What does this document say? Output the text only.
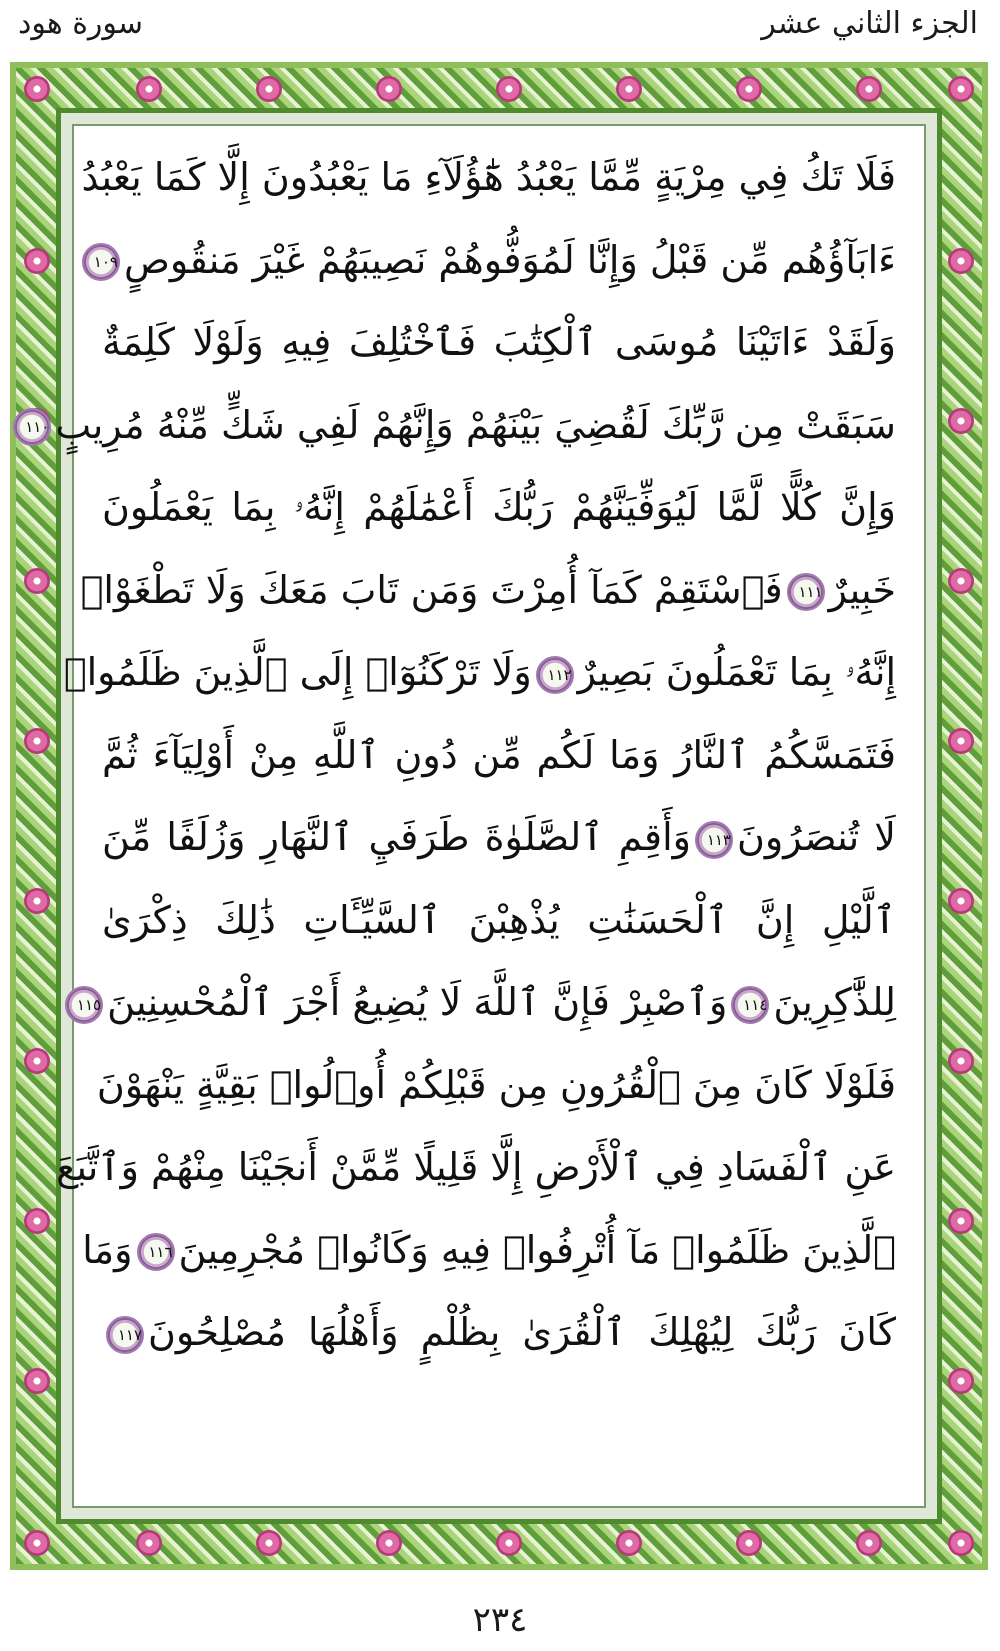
الجزء الثاني عشر
سورة هود
فَلَا تَكُ فِي مِرْيَةٍ مِّمَّا يَعْبُدُ هَٰٓؤُلَآءِ مَا يَعْبُدُونَ إِلَّا كَمَا يَعْبُدُ
ءَابَآؤُهُم مِّن قَبْلُ وَإِنَّا لَمُوَفُّوهُمْ نَصِيبَهُمْ غَيْرَ مَنقُوصٍ١٠٩
وَلَقَدْ ءَاتَيْنَا مُوسَى ٱلْكِتَٰبَ فَٱخْتُلِفَ فِيهِ وَلَوْلَا كَلِمَةٌ
سَبَقَتْ مِن رَّبِّكَ لَقُضِيَ بَيْنَهُمْ وَإِنَّهُمْ لَفِي شَكٍّ مِّنْهُ مُرِيبٍ١١٠
وَإِنَّ كُلًّا لَّمَّا لَيُوَفِّيَنَّهُمْ رَبُّكَ أَعْمَٰلَهُمْ إِنَّهُۥ بِمَا يَعْمَلُونَ
خَبِيرٌ١١١فَٱسْتَقِمْ كَمَآ أُمِرْتَ وَمَن تَابَ مَعَكَ وَلَا تَطْغَوْا۟
إِنَّهُۥ بِمَا تَعْمَلُونَ بَصِيرٌ١١٢وَلَا تَرْكَنُوٓا۟ إِلَى ٱلَّذِينَ ظَلَمُوا۟
فَتَمَسَّكُمُ ٱلنَّارُ وَمَا لَكُم مِّن دُونِ ٱللَّهِ مِنْ أَوْلِيَآءَ ثُمَّ
لَا تُنصَرُونَ١١٣وَأَقِمِ ٱلصَّلَوٰةَ طَرَفَيِ ٱلنَّهَارِ وَزُلَفًا مِّنَ
ٱلَّيْلِ إِنَّ ٱلْحَسَنَٰتِ يُذْهِبْنَ ٱلسَّيِّـَٔاتِ ذَٰلِكَ ذِكْرَىٰ
لِلذَّٰكِرِينَ١١٤وَٱصْبِرْ فَإِنَّ ٱللَّهَ لَا يُضِيعُ أَجْرَ ٱلْمُحْسِنِينَ١١٥
فَلَوْلَا كَانَ مِنَ ٱلْقُرُونِ مِن قَبْلِكُمْ أُو۟لُوا۟ بَقِيَّةٍ يَنْهَوْنَ
عَنِ ٱلْفَسَادِ فِي ٱلْأَرْضِ إِلَّا قَلِيلًا مِّمَّنْ أَنجَيْنَا مِنْهُمْ وَٱتَّبَعَ
ٱلَّذِينَ ظَلَمُوا۟ مَآ أُتْرِفُوا۟ فِيهِ وَكَانُوا۟ مُجْرِمِينَ١١٦وَمَا
كَانَ رَبُّكَ لِيُهْلِكَ ٱلْقُرَىٰ بِظُلْمٍ وَأَهْلُهَا مُصْلِحُونَ١١٧
٢٣٤
